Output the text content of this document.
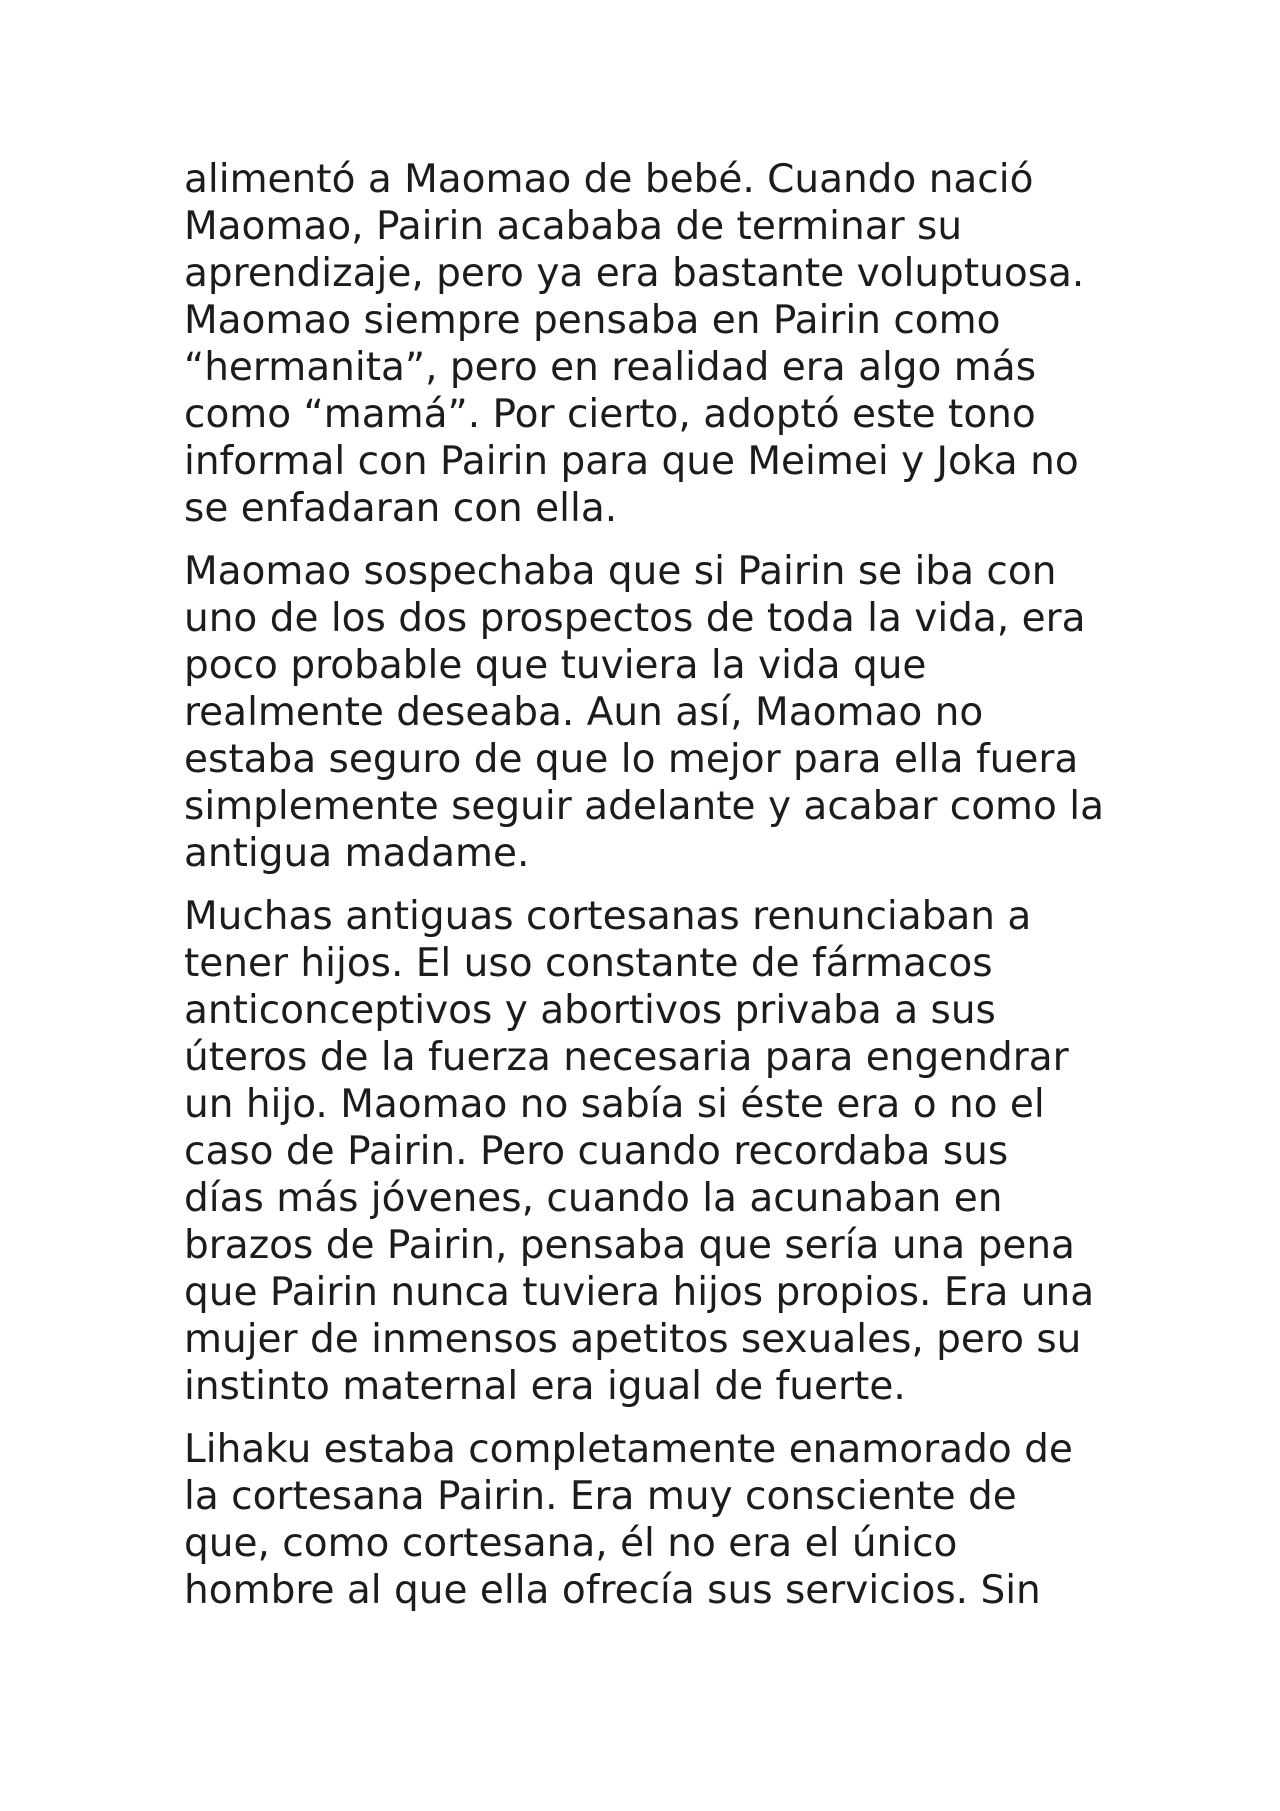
alimentó a Maomao de bebé. Cuando nació
Maomao, Pairin acababa de terminar su
aprendizaje, pero ya era bastante voluptuosa.
Maomao siempre pensaba en Pairin como
“hermanita”, pero en realidad era algo más
como “mamá”. Por cierto, adoptó este tono
informal con Pairin para que Meimei y Joka no
se enfadaran con ella.

Maomao sospechaba que si Pairin se iba con
uno de los dos prospectos de toda la vida, era
poco probable que tuviera la vida que
realmente deseaba. Aun así, Maomao no
estaba seguro de que lo mejor para ella fuera
simplemente seguir adelante y acabar como la
antigua madame.

Muchas antiguas cortesanas renunciaban a
tener hijos. El uso constante de fármacos
anticonceptivos y abortivos privaba a sus
úteros de la fuerza necesaria para engendrar
un hijo. Maomao no sabía si éste era o no el
caso de Pairin. Pero cuando recordaba sus
días más jóvenes, cuando la acunaban en
brazos de Pairin, pensaba que sería una pena
que Pairin nunca tuviera hijos propios. Era una
mujer de inmensos apetitos sexuales, pero su
instinto maternal era igual de fuerte.

Lihaku estaba completamente enamorado de
la cortesana Pairin. Era muy consciente de
que, como cortesana, él no era el único
hombre al que ella ofrecía sus servicios. Sin
